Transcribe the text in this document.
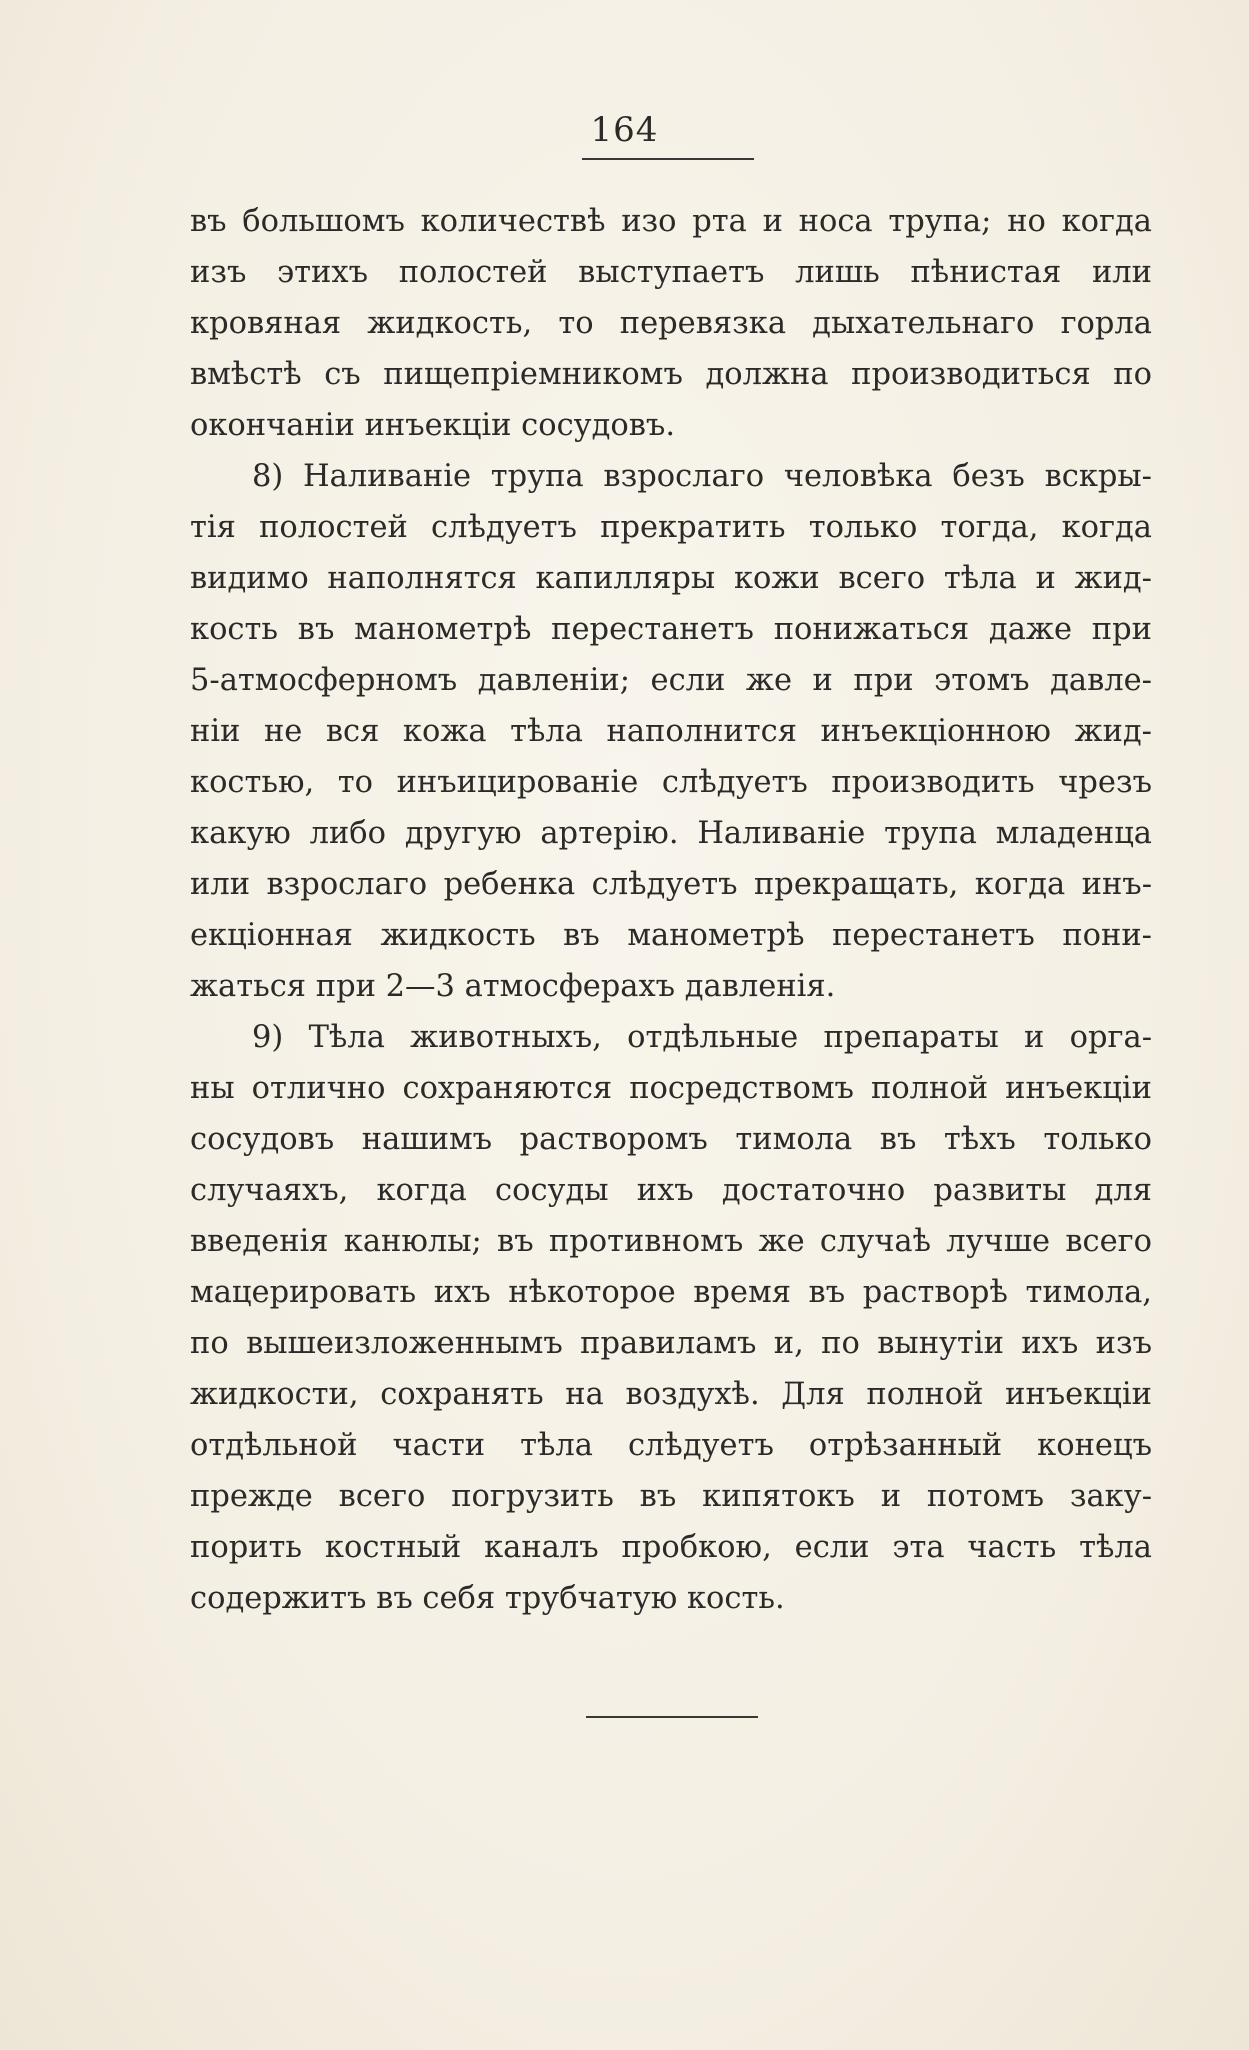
164
въ большомъ количествѣ изо рта и носа трупа; но когда
изъ этихъ полостей выступаетъ лишь пѣнистая или
кровяная жидкость, то перевязка дыхательнаго горла
вмѣстѣ съ пищепріемникомъ должна производиться по
окончаніи инъекціи сосудовъ.
8) Наливаніе трупа взрослаго человѣка безъ вскры-
тія полостей слѣдуетъ прекратить только тогда, когда
видимо наполнятся капилляры кожи всего тѣла и жид-
кость въ манометрѣ перестанетъ понижаться даже при
5-атмосферномъ давленіи; если же и при этомъ давле-
ніи не вся кожа тѣла наполнится инъекціонною жид-
костью, то инъицированіе слѣдуетъ производить чрезъ
какую либо другую артерію. Наливаніе трупа младенца
или взрослаго ребенка слѣдуетъ прекращать, когда инъ-
екціонная жидкость въ манометрѣ перестанетъ пони-
жаться при 2—3 атмосферахъ давленія.
9) Тѣла животныхъ, отдѣльные препараты и орга-
ны отлично сохраняются посредствомъ полной инъекціи
сосудовъ нашимъ растворомъ тимола въ тѣхъ только
случаяхъ, когда сосуды ихъ достаточно развиты для
введенія канюлы; въ противномъ же случаѣ лучше всего
мацерировать ихъ нѣкоторое время въ растворѣ тимола,
по вышеизложеннымъ правиламъ и, по вынутіи ихъ изъ
жидкости, сохранять на воздухѣ. Для полной инъекціи
отдѣльной части тѣла слѣдуетъ отрѣзанный конецъ
прежде всего погрузить въ кипятокъ и потомъ заку-
порить костный каналъ пробкою, если эта часть тѣла
содержитъ въ себя трубчатую кость.
